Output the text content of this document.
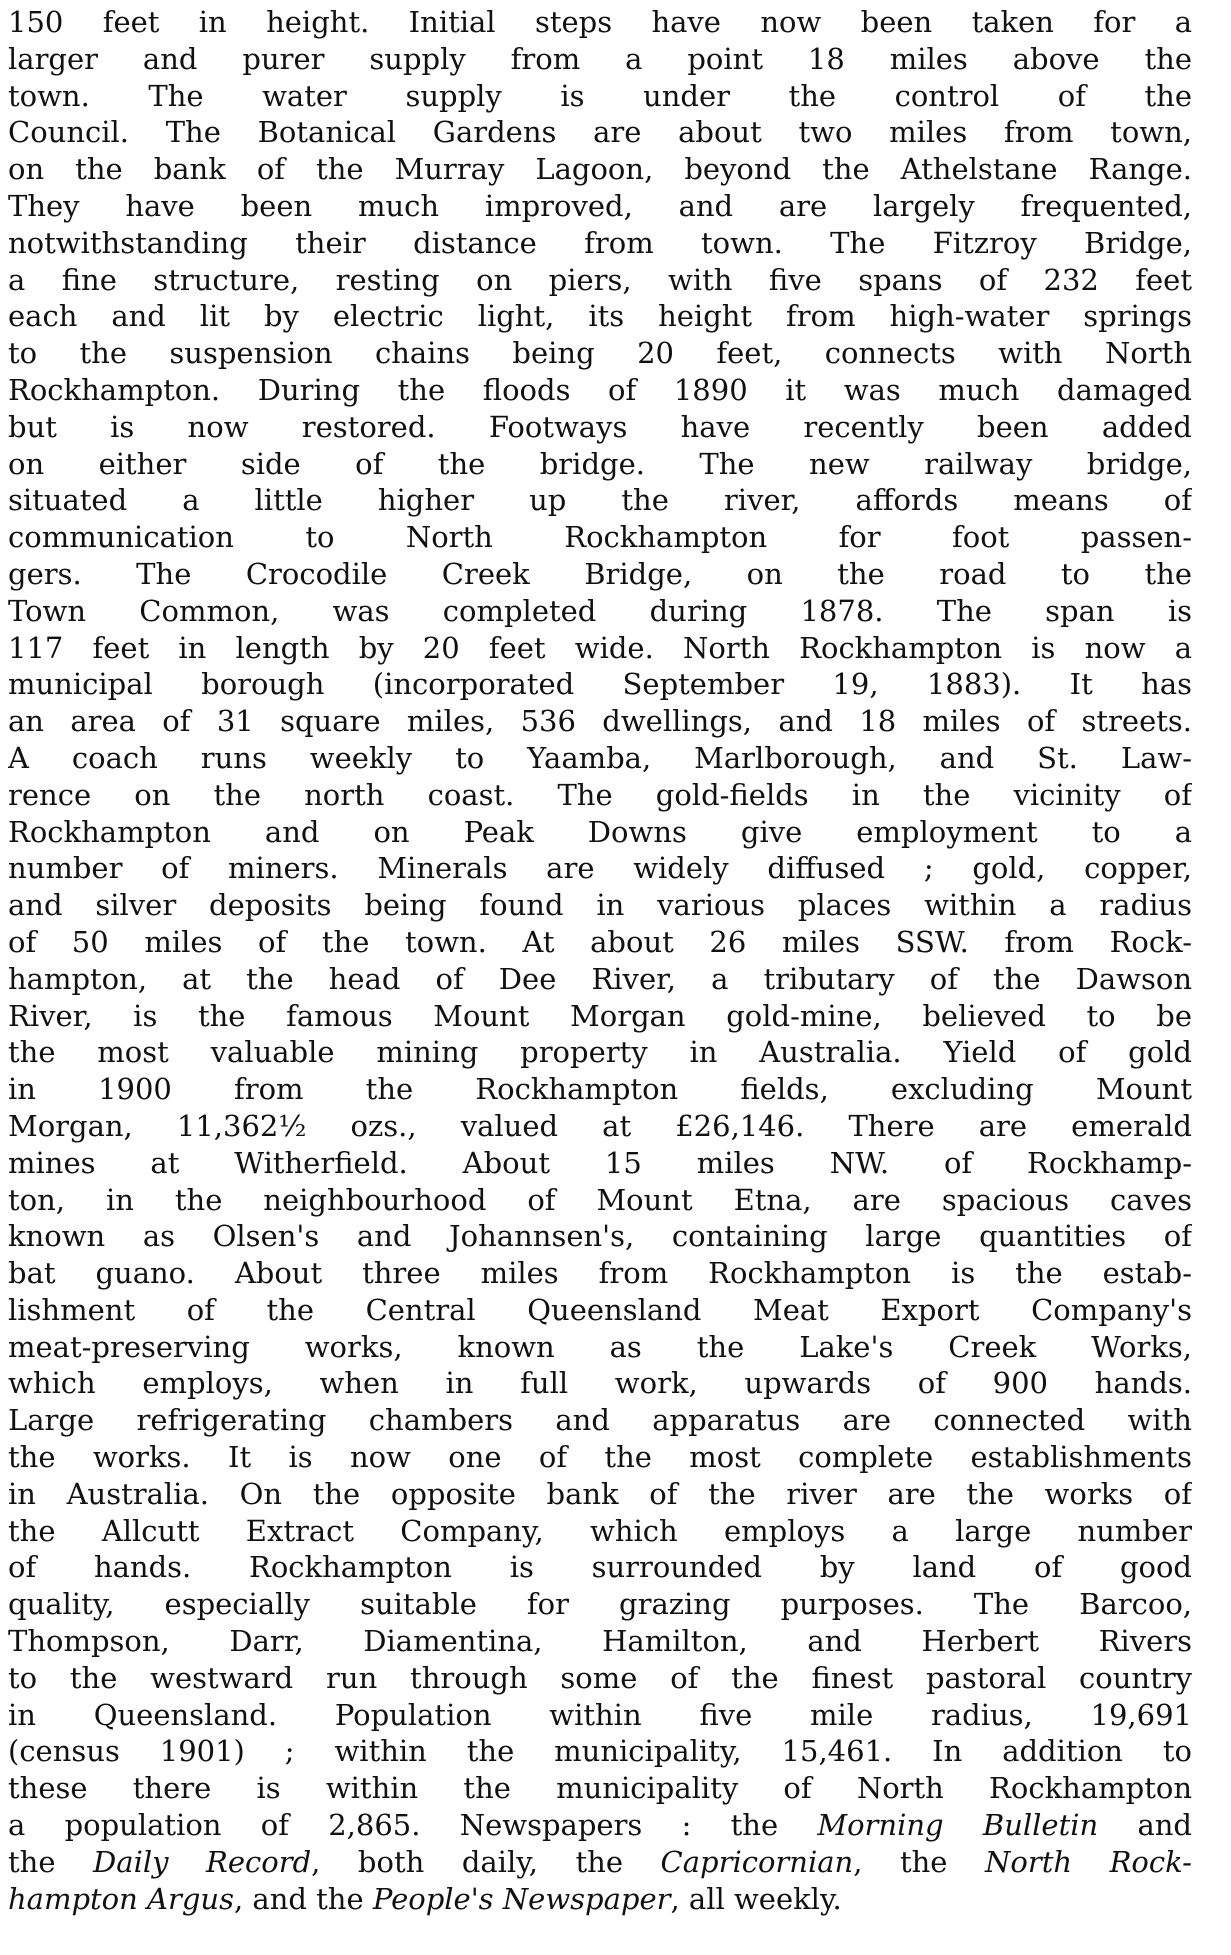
150 feet in height. Initial steps have now been taken for a
larger and purer supply from a point 18 miles above the
town. The water supply is under the control of the
Council. The Botanical Gardens are about two miles from town,
on the bank of the Murray Lagoon, beyond the Athelstane Range.
They have been much improved, and are largely frequented,
notwithstanding their distance from town. The Fitzroy Bridge,
a fine structure, resting on piers, with five spans of 232 feet
each and lit by electric light, its height from high-water springs
to the suspension chains being 20 feet, connects with North
Rockhampton. During the floods of 1890 it was much damaged
but is now restored. Footways have recently been added
on either side of the bridge. The new railway bridge,
situated a little higher up the river, affords means of
communication to North Rockhampton for foot passen-
gers. The Crocodile Creek Bridge, on the road to the
Town Common, was completed during 1878. The span is
117 feet in length by 20 feet wide. North Rockhampton is now a
municipal borough (incorporated September 19, 1883). It has
an area of 31 square miles, 536 dwellings, and 18 miles of streets.
A coach runs weekly to Yaamba, Marlborough, and St. Law-
rence on the north coast. The gold-fields in the vicinity of
Rockhampton and on Peak Downs give employment to a
number of miners. Minerals are widely diffused ; gold, copper,
and silver deposits being found in various places within a radius
of 50 miles of the town. At about 26 miles SSW. from Rock-
hampton, at the head of Dee River, a tributary of the Dawson
River, is the famous Mount Morgan gold-mine, believed to be
the most valuable mining property in Australia. Yield of gold
in 1900 from the Rockhampton fields, excluding Mount
Morgan, 11,362½ ozs., valued at £26,146. There are emerald
mines at Witherfield. About 15 miles NW. of Rockhamp-
ton, in the neighbourhood of Mount Etna, are spacious caves
known as Olsen's and Johannsen's, containing large quantities of
bat guano. About three miles from Rockhampton is the estab-
lishment of the Central Queensland Meat Export Company's
meat-preserving works, known as the Lake's Creek Works,
which employs, when in full work, upwards of 900 hands.
Large refrigerating chambers and apparatus are connected with
the works. It is now one of the most complete establishments
in Australia. On the opposite bank of the river are the works of
the Allcutt Extract Company, which employs a large number
of hands. Rockhampton is surrounded by land of good
quality, especially suitable for grazing purposes. The Barcoo,
Thompson, Darr, Diamentina, Hamilton, and Herbert Rivers
to the westward run through some of the finest pastoral country
in Queensland. Population within five mile radius, 19,691
(census 1901) ; within the municipality, 15,461. In addition to
these there is within the municipality of North Rockhampton
a population of 2,865. Newspapers : the Morning Bulletin and
the Daily Record, both daily, the Capricornian, the North Rock-
hampton Argus, and the People's Newspaper, all weekly.
